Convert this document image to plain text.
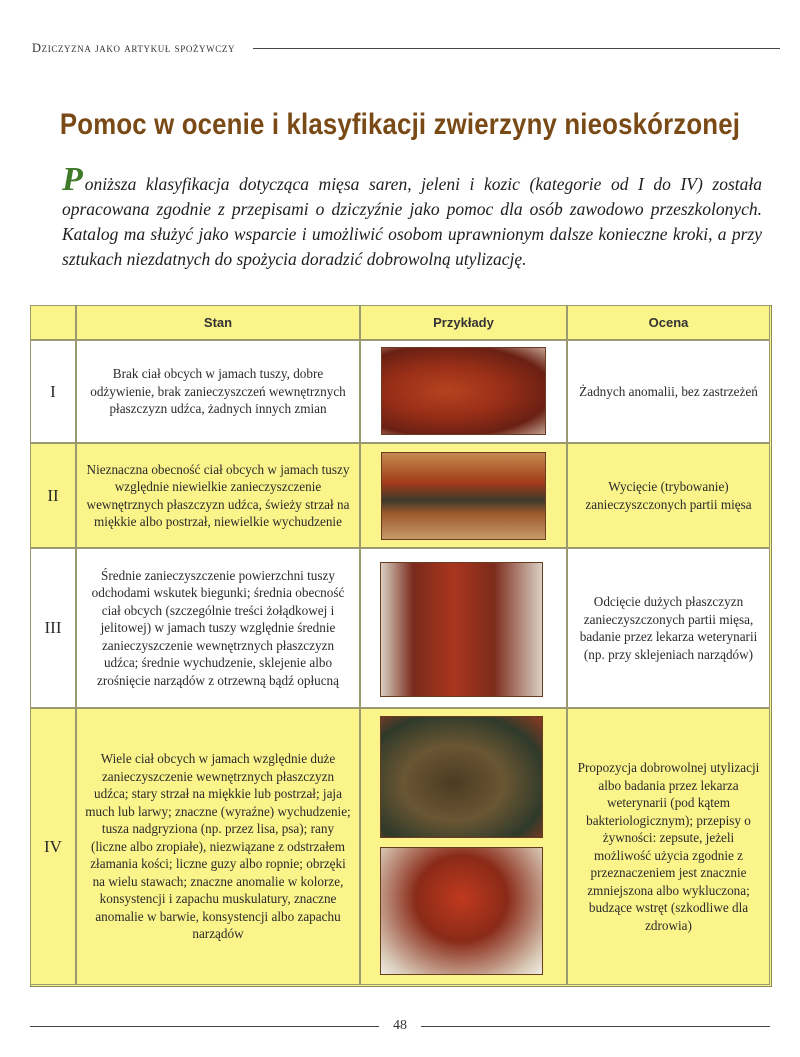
Dziczyzna jako artykuł spożywczy
Pomoc w ocenie i klasyfikacji zwierzyny nieoskórzonej
Poniższa klasyfikacja dotycząca mięsa saren, jeleni i kozic (kategorie od I do IV) została opracowana zgodnie z przepisami o dziczyźnie jako pomoc dla osób zawodowo przeszkolonych. Katalog ma służyć jako wsparcie i umożliwić osobom uprawnionym dalsze konieczne kroki, a przy sztukach niezdatnych do spożycia doradzić dobrowolną utylizację.
Stan	Przykłady	Ocena
I
Brak ciał obcych w jamach tuszy, dobre odżywienie, brak zanieczyszczeń wewnętrznych płaszczyzn udźca, żadnych innych zmian
Żadnych anomalii, bez zastrzeżeń
II
Nieznaczna obecność ciał obcych w jamach tuszy względnie niewielkie zanieczyszczenie wewnętrznych płaszczyzn udźca, świeży strzał na miękkie albo postrzał, niewielkie wychudzenie
Wycięcie (trybowanie) zanieczyszczonych partii mięsa
III
Średnie zanieczyszczenie powierzchni tuszy odchodami wskutek biegunki; średnia obecność ciał obcych (szczególnie treści żołądkowej i jelitowej) w jamach tuszy względnie średnie zanieczyszczenie wewnętrznych płaszczyzn udźca; średnie wychudzenie, sklejenie albo zrośnięcie narządów z otrzewną bądź opłucną
Odcięcie dużych płaszczyzn zanieczyszczonych partii mięsa, badanie przez lekarza weterynarii (np. przy sklejeniach narządów)
IV
Wiele ciał obcych w jamach względnie duże zanieczyszczenie wewnętrznych płaszczyzn udźca; stary strzał na miękkie lub postrzał; jaja much lub larwy; znaczne (wyraźne) wychudzenie; tusza nadgryziona (np. przez lisa, psa); rany (liczne albo zropiałe), niezwiązane z odstrzałem złamania kości; liczne guzy albo ropnie; obrzęki na wielu stawach; znaczne anomalie w kolorze, konsystencji i zapachu muskulatury, znaczne anomalie w barwie, konsystencji albo zapachu narządów
Propozycja dobrowolnej utylizacji albo badania przez lekarza weterynarii (pod kątem bakteriologicznym); przepisy o żywności: zepsute, jeżeli możliwość użycia zgodnie z przeznaczeniem jest znacznie zmniejszona albo wykluczona; budzące wstręt (szkodliwe dla zdrowia)
48
